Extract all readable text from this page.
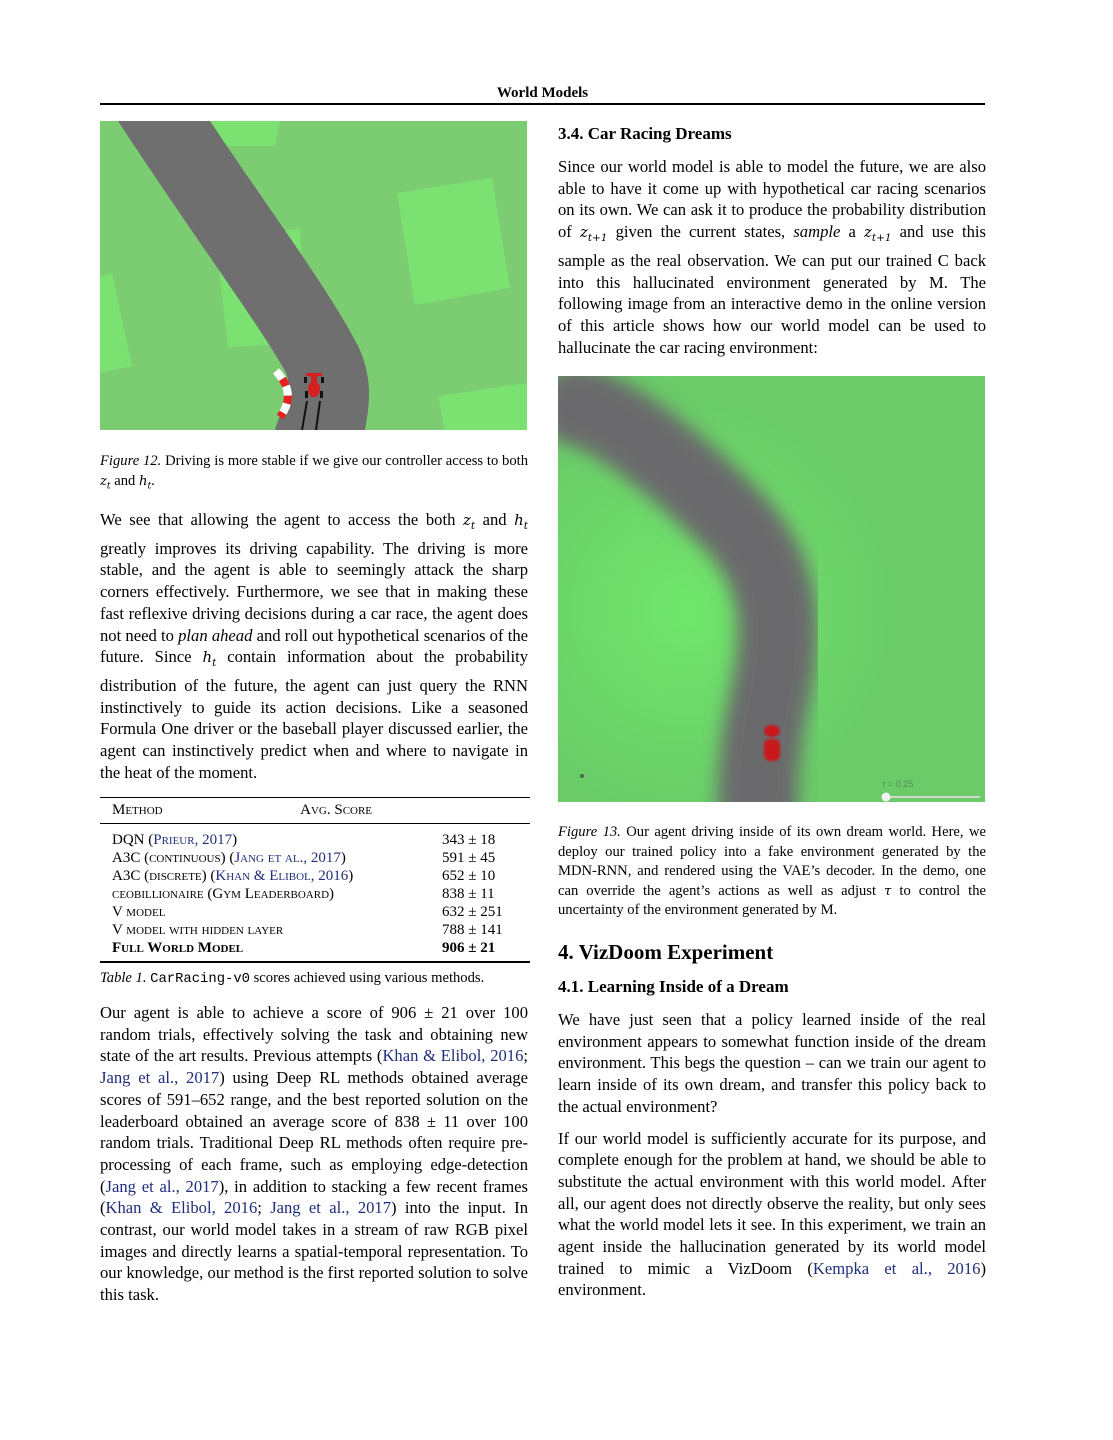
World Models

Figure 12. Driving is more stable if we give our controller access to both $z_t$ and $h_t$.

We see that allowing the agent to access the both $z_t$ and $h_t$ greatly improves its driving capability. The driving is more stable, and the agent is able to seemingly attack the sharp corners effectively. Furthermore, we see that in making these fast reflexive driving decisions during a car race, the agent does not need to plan ahead and roll out hypothetical scenarios of the future. Since $h_t$ contain information about the probability distribution of the future, the agent can just query the RNN instinctively to guide its action decisions. Like a seasoned Formula One driver or the baseball player discussed earlier, the agent can instinctively predict when and where to navigate in the heat of the moment.

Method	Avg. Score
DQN (Prieur, 2017)	343 ± 18
A3C (continuous) (Jang et al., 2017)	591 ± 45
A3C (discrete) (Khan & Elibol, 2016)	652 ± 10
ceobillionaire (Gym Leaderboard)	838 ± 11
V model	632 ± 251
V model with hidden layer	788 ± 141
Full World Model	906 ± 21

Table 1. CarRacing-v0 scores achieved using various methods.

Our agent is able to achieve a score of 906 ± 21 over 100 random trials, effectively solving the task and obtaining new state of the art results. Previous attempts (Khan & Elibol, 2016; Jang et al., 2017) using Deep RL methods obtained average scores of 591–652 range, and the best reported solution on the leaderboard obtained an average score of 838 ± 11 over 100 random trials. Traditional Deep RL methods often require pre-processing of each frame, such as employing edge-detection (Jang et al., 2017), in addition to stacking a few recent frames (Khan & Elibol, 2016; Jang et al., 2017) into the input. In contrast, our world model takes in a stream of raw RGB pixel images and directly learns a spatial-temporal representation. To our knowledge, our method is the first reported solution to solve this task.

3.4. Car Racing Dreams

Since our world model is able to model the future, we are also able to have it come up with hypothetical car racing scenarios on its own. We can ask it to produce the probability distribution of $z_{t+1}$ given the current states, sample a $z_{t+1}$ and use this sample as the real observation. We can put our trained C back into this hallucinated environment generated by M. The following image from an interactive demo in the online version of this article shows how our world model can be used to hallucinate the car racing environment:

τ = 0.25

Figure 13. Our agent driving inside of its own dream world. Here, we deploy our trained policy into a fake environment generated by the MDN-RNN, and rendered using the VAE’s decoder. In the demo, one can override the agent’s actions as well as adjust τ to control the uncertainty of the environment generated by M.

4. VizDoom Experiment
4.1. Learning Inside of a Dream

We have just seen that a policy learned inside of the real environment appears to somewhat function inside of the dream environment. This begs the question – can we train our agent to learn inside of its own dream, and transfer this policy back to the actual environment?

If our world model is sufficiently accurate for its purpose, and complete enough for the problem at hand, we should be able to substitute the actual environment with this world model. After all, our agent does not directly observe the reality, but only sees what the world model lets it see. In this experiment, we train an agent inside the hallucination generated by its world model trained to mimic a VizDoom (Kempka et al., 2016) environment.
